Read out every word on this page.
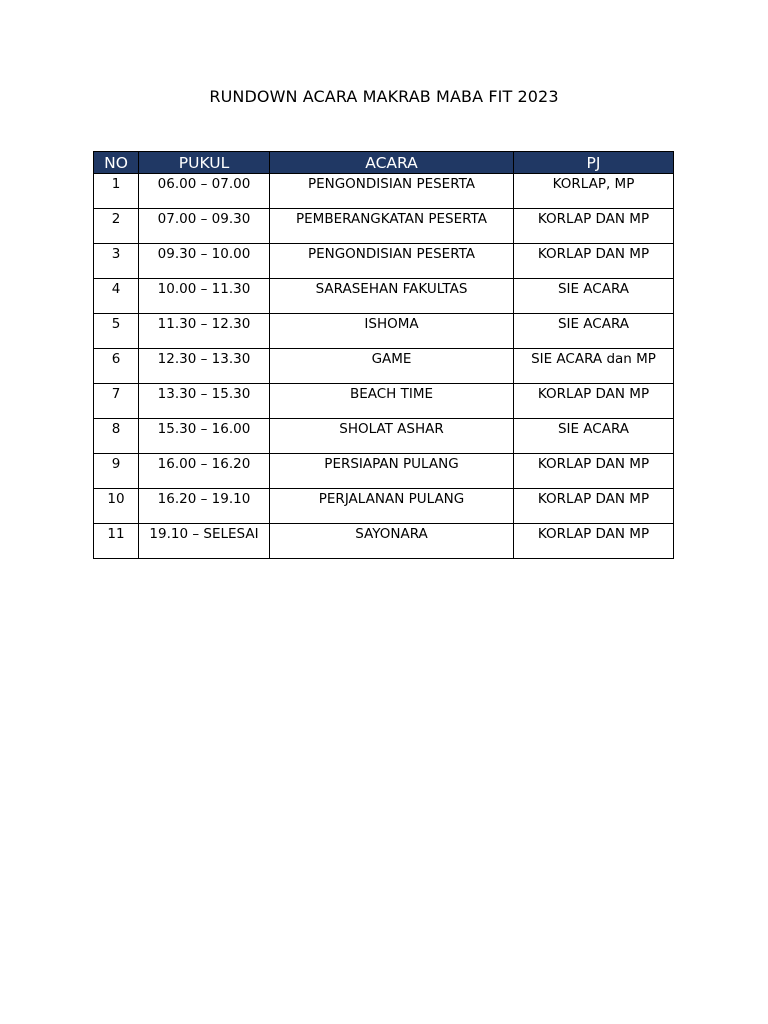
RUNDOWN ACARA MAKRAB MABA FIT 2023
NO	PUKUL	ACARA	PJ
1	06.00 – 07.00	PENGONDISIAN PESERTA	KORLAP, MP
2	07.00 – 09.30	PEMBERANGKATAN PESERTA	KORLAP DAN MP
3	09.30 – 10.00	PENGONDISIAN PESERTA	KORLAP DAN MP
4	10.00 – 11.30	SARASEHAN FAKULTAS	SIE ACARA
5	11.30 – 12.30	ISHOMA	SIE ACARA
6	12.30 – 13.30	GAME	SIE ACARA dan MP
7	13.30 – 15.30	BEACH TIME	KORLAP DAN MP
8	15.30 – 16.00	SHOLAT ASHAR	SIE ACARA
9	16.00 – 16.20	PERSIAPAN PULANG	KORLAP DAN MP
10	16.20 – 19.10	PERJALANAN PULANG	KORLAP DAN MP
11	19.10 – SELESAI	SAYONARA	KORLAP DAN MP
